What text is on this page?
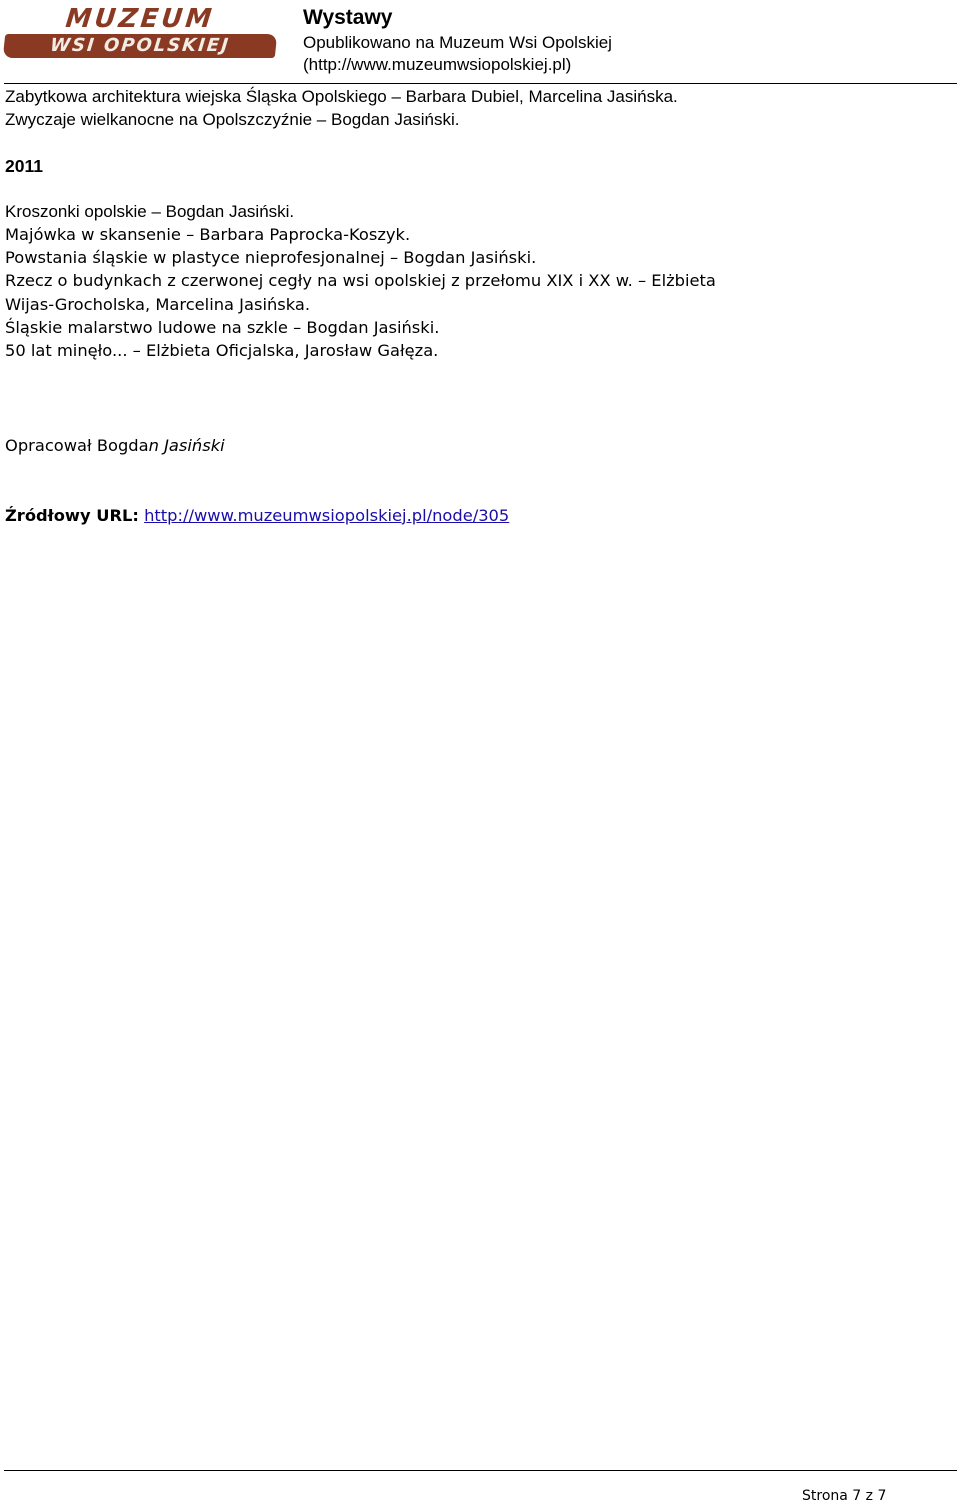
MUZEUM
WSI OPOLSKIEJ
Wystawy
Opublikowano na Muzeum Wsi Opolskiej
(http://www.muzeumwsiopolskiej.pl)
Zabytkowa architektura wiejska Śląska Opolskiego – Barbara Dubiel, Marcelina Jasińska.
Zwyczaje wielkanocne na Opolszczyźnie – Bogdan Jasiński.
2011
Kroszonki opolskie – Bogdan Jasiński.
Majówka w skansenie – Barbara Paprocka-Koszyk.
Powstania śląskie w plastyce nieprofesjonalnej – Bogdan Jasiński.
Rzecz o budynkach z czerwonej cegły na wsi opolskiej z przełomu XIX i XX w. – Elżbieta
Wijas-Grocholska, Marcelina Jasińska.
Śląskie malarstwo ludowe na szkle – Bogdan Jasiński.
50 lat minęło... – Elżbieta Oficjalska, Jarosław Gałęza.
Opracował Bogdan Jasiński
Źródłowy URL: http://www.muzeumwsiopolskiej.pl/node/305
Strona 7 z 7
